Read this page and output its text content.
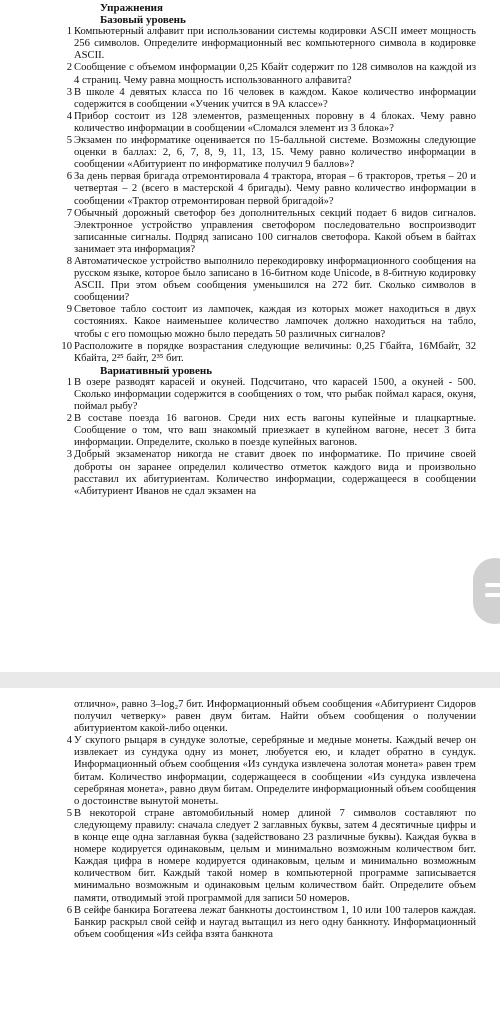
Упражнения
Базовый уровень
1 Компьютерный алфавит при использовании системы кодировки ASCII имеет мощность 256 символов. Определите информационный вес компьютерного символа в кодировке ASCII.
2 Сообщение с объемом информации 0,25 Кбайт содержит по 128 символов на каждой из 4 страниц. Чему равна мощность использованного алфавита?
3 В школе 4 девятых класса по 16 человек в каждом. Какое количество информации содержится в сообщении «Ученик учится в 9А классе»?
4 Прибор состоит из 128 элементов, размещенных поровну в 4 блоках. Чему равно количество информации в сообщении «Сломался элемент из 3 блока»?
5 Экзамен по информатике оценивается по 15-балльной системе. Возможны следующие оценки в баллах: 2, 6, 7, 8, 9, 11, 13, 15. Чему равно количество информации в сообщении «Абитуриент по информатике получил 9 баллов»?
6 За день первая бригада отремонтировала 4 трактора, вторая – 6 тракторов, третья – 20 и четвертая – 2 (всего в мастерской 4 бригады). Чему равно количество информации в сообщении «Трактор отремонтирован первой бригадой»?
7 Обычный дорожный светофор без дополнительных секций подает 6 видов сигналов. Электронное устройство управления светофором последовательно воспроизводит записанные сигналы. Подряд записано 100 сигналов светофора. Какой объем в байтах занимает эта информация?
8 Автоматическое устройство выполнило перекодировку информационного сообщения на русском языке, которое было записано в 16-битном коде Unicode, в 8-битную кодировку ASCII. При этом объем сообщения уменьшился на 272 бит. Сколько символов в сообщении?
9 Световое табло состоит из лампочек, каждая из которых может находиться в двух состояниях. Какое наименьшее количество лампочек должно находиться на табло, чтобы с его помощью можно было передать 50 различных сигналов?
10 Расположите в порядке возрастания следующие величины: 0,25 Гбайта, 16Мбайт, 32 Кбайта, 2²⁵ байт, 2³⁵ бит.
Вариативный уровень
1 В озере разводят карасей и окуней. Подсчитано, что карасей 1500, а окуней - 500. Сколько информации содержится в сообщениях о том, что рыбак поймал карася, окуня, поймал рыбу?
2 В составе поезда 16 вагонов. Среди них есть вагоны купейные и плацкартные. Сообщение о том, что ваш знакомый приезжает в купейном вагоне, несет 3 бита информации. Определите, сколько в поезде купейных вагонов.
3 Добрый экзаменатор никогда не ставит двоек по информатике. По причине своей доброты он заранее определил количество отметок каждого вида и произвольно расставил их абитуриентам. Количество информации, содержащееся в сообщении «Абитуриент Иванов не сдал экзамен на
отлично», равно 3–log₂7 бит. Информационный объем сообщения «Абитуриент Сидоров получил четверку» равен двум битам. Найти объем сообщения о получении абитуриентом какой-либо оценки.
4 У скупого рыцаря в сундуке золотые, серебряные и медные монеты. Каждый вечер он извлекает из сундука одну из монет, любуется ею, и кладет обратно в сундук. Информационный объем сообщения «Из сундука извлечена золотая монета» равен трем битам. Количество информации, содержащееся в сообщении «Из сундука извлечена серебряная монета», равно двум битам. Определите информационный объем сообщения о достоинстве вынутой монеты.
5 В некоторой стране автомобильный номер длиной 7 символов составляют по следующему правилу: сначала следует 2 заглавных буквы, затем 4 десятичные цифры и в конце еще одна заглавная буква (задействовано 23 различные буквы). Каждая буква в номере кодируется одинаковым, целым и минимально возможным количеством бит. Каждая цифра в номере кодируется одинаковым, целым и минимально возможным количеством бит. Каждый такой номер в компьютерной программе записывается минимально возможным и одинаковым целым количеством байт. Определите объем памяти, отводимый этой программой для записи 50 номеров.
6 В сейфе банкира Богатеева лежат банкноты достоинством 1, 10 или 100 талеров каждая. Банкир раскрыл свой сейф и наугад вытащил из него одну банкноту. Информационный объем сообщения «Из сейфа взята банкнота
